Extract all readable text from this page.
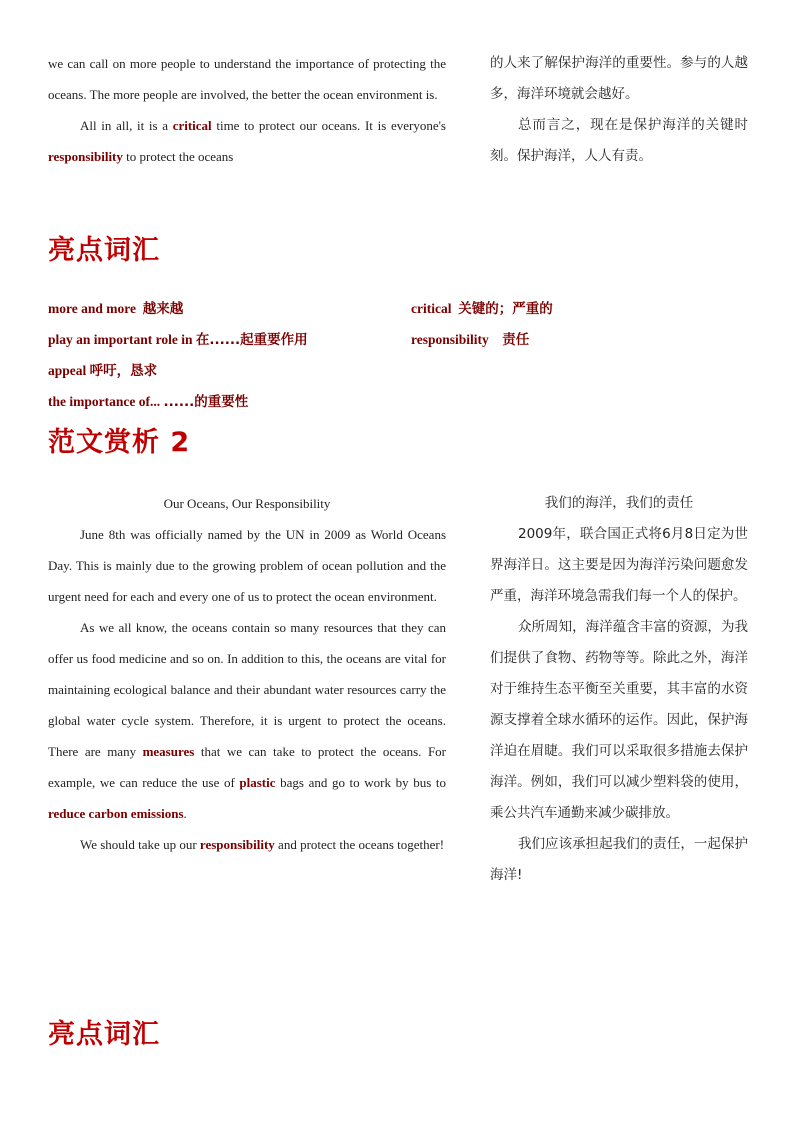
we can call on more people to understand the importance of protecting the oceans. The more people are involved, the better the ocean environment is.

All in all, it is a critical time to protect our oceans. It is everyone's responsibility to protect the oceans

的人来了解保护海洋的重要性。参与的人越多，海洋环境就会越好。

总而言之，现在是保护海洋的关键时刻。保护海洋，人人有责。

亮点词汇
more and more 越来越	critical 关键的；严重的
play an important role in 在......起重要作用	responsibility 责任
appeal 呼吁，恳求
the importance of... ......的重要性
范文赏析 2

Our Oceans, Our Responsibility

June 8th was officially named by the UN in 2009 as World Oceans Day. This is mainly due to the growing problem of ocean pollution and the urgent need for each and every one of us to protect the ocean environment.

As we all know, the oceans contain so many resources that they can offer us food medicine and so on. In addition to this, the oceans are vital for maintaining ecological balance and their abundant water resources carry the global water cycle system. Therefore, it is urgent to protect the oceans. There are many measures that we can take to protect the oceans. For example, we can reduce the use of plastic bags and go to work by bus to reduce carbon emissions.

We should take up our responsibility and protect the oceans together!

我们的海洋，我们的责任

2009年，联合国正式将6月8日定为世界海洋日。这主要是因为海洋污染问题愈发严重，海洋环境急需我们每一个人的保护。

众所周知，海洋蕴含丰富的资源，为我们提供了食物、药物等等。除此之外，海洋对于维持生态平衡至关重要，其丰富的水资源支撑着全球水循环的运作。因此，保护海洋迫在眉睫。我们可以采取很多措施去保护海洋。例如，我们可以减少塑料袋的使用，乘公共汽车通勤来减少碳排放。

我们应该承担起我们的责任，一起保护海洋!

亮点词汇
